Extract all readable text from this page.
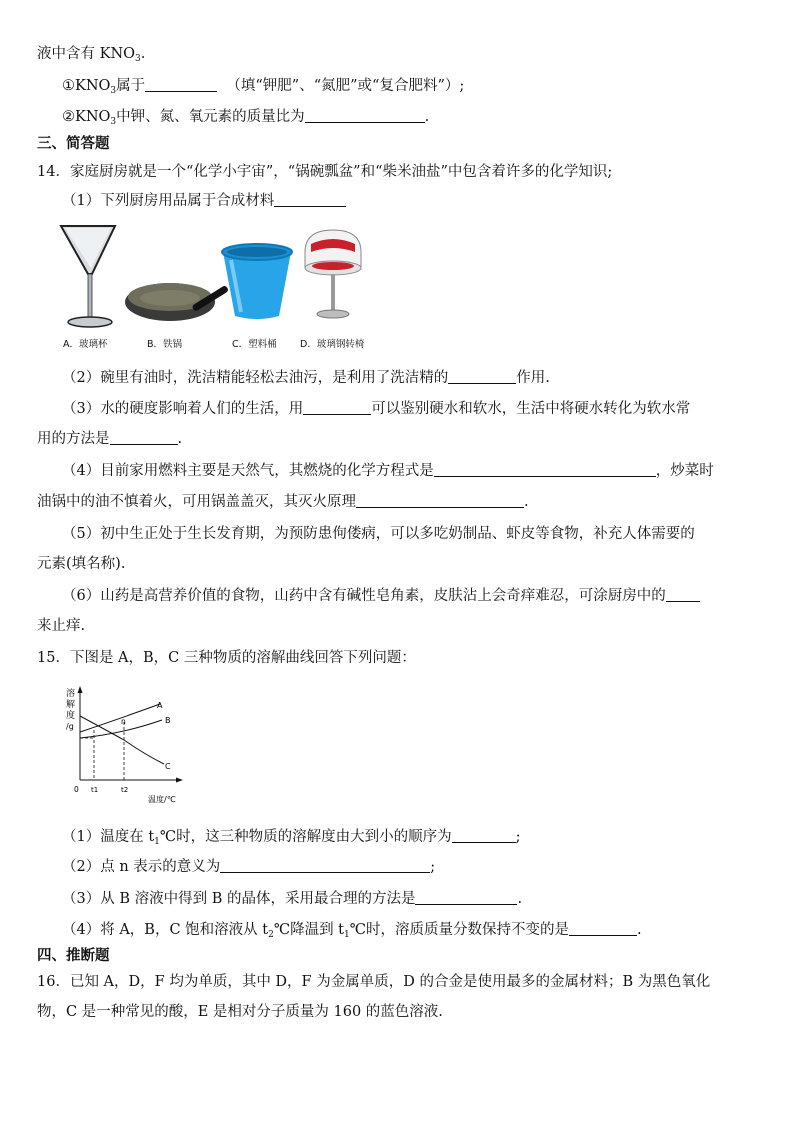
液中含有 $KNO_3$.
$①KNO_3$属于	（填“钾肥”、“氮肥”或“复合肥料”）;
$②KNO_3$中钾、氮、氧元素的质量比为	.
三、简答题
14．家庭厨房就是一个“化学小宇宙”，“锅碗瓢盆”和“柴米油盐”中包含着许多的化学知识;
（1）下列厨房用品属于合成材料
A．玻璃杯	B．铁锅	C．塑料桶 D．玻璃钢转椅
（2）碗里有油时，洗洁精能轻松去油污，是利用了洗洁精的	作用.
（3）水的硬度影响着人们的生活，用	可以鉴别硬水和软水，生活中将硬水转化为软水常
用的方法是	.
（4）目前家用燃料主要是天然气，其燃烧的化学方程式是	，炒菜时
油锅中的油不慎着火，可用锅盖盖灭，其灭火原理	.
（5）初中生正处于生长发育期，为预防患佝偻病，可以多吃奶制品、虾皮等食物，补充人体需要的
元素(填名称).
（6）山药是高营养价值的食物，山药中含有碱性皂角素，皮肤沾上会奇痒难忍，可涂厨房中的
来止痒.
15．下图是 A，B，C 三种物质的溶解曲线回答下列问题：
溶
解
度
/g
0
A
B
C
n
t1	t2
温度/℃
（1）温度在 $t_1℃$时，这三种物质的溶解度由大到小的顺序为	;
（2）点 n 表示的意义为	;
（3）从 B 溶液中得到 B 的晶体，采用最合理的方法是	.
（4）将 A，B，C 饱和溶液从 $t_2℃$降温到 $t_1℃$时，溶质质量分数保持不变的是	.
四、推断题
16．已知 A，D，F 均为单质，其中 D，F 为金属单质，D 的合金是使用最多的金属材料；B 为黑色氧化
物，C 是一种常见的酸，E 是相对分子质量为 160 的蓝色溶液.
